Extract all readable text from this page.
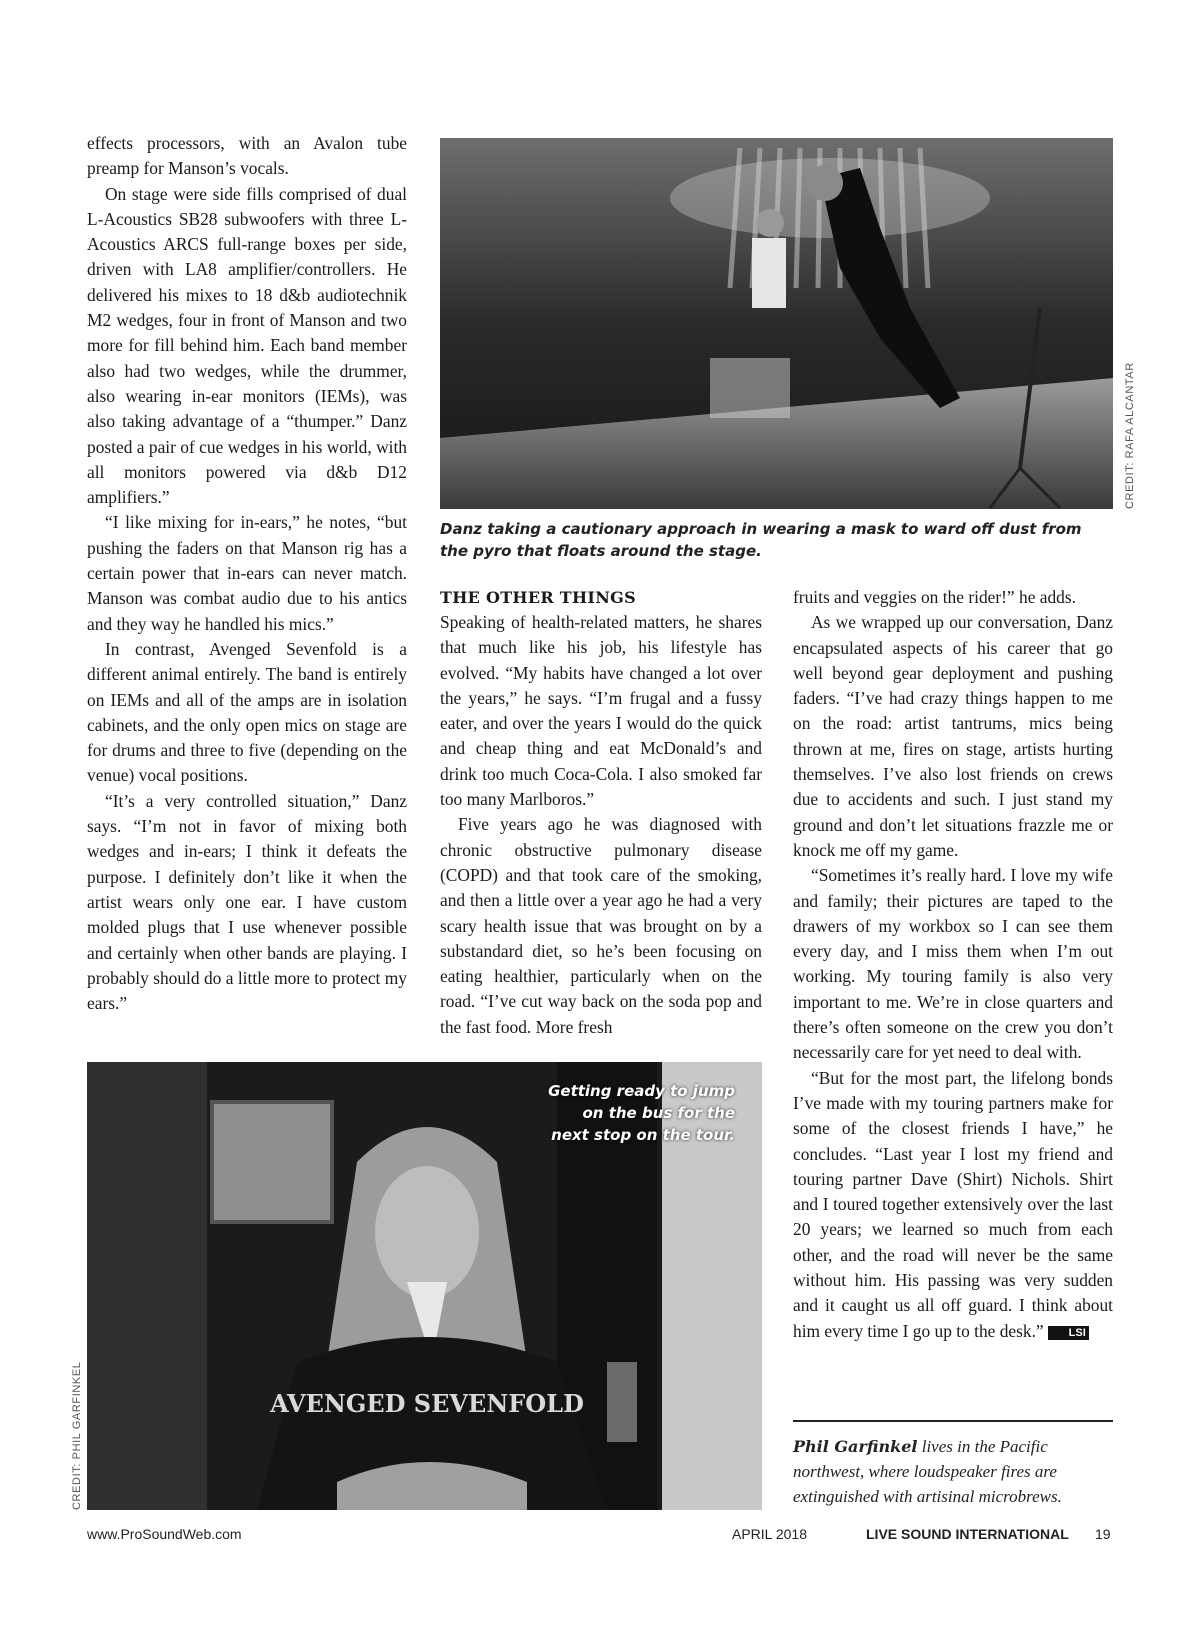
effects processors, with an Avalon tube preamp for Manson’s vocals.

On stage were side fills comprised of dual L-Acoustics SB28 subwoofers with three L-Acoustics ARCS full-range boxes per side, driven with LA8 amplifier/controllers. He delivered his mixes to 18 d&b audiotechnik M2 wedges, four in front of Manson and two more for fill behind him. Each band member also had two wedges, while the drummer, also wearing in-ear monitors (IEMs), was also taking advantage of a “thumper.” Danz posted a pair of cue wedges in his world, with all monitors powered via d&b D12 amplifiers.”

“I like mixing for in-ears,” he notes, “but pushing the faders on that Manson rig has a certain power that in-ears can never match. Manson was combat audio due to his antics and they way he handled his mics.”

In contrast, Avenged Sevenfold is a different animal entirely. The band is entirely on IEMs and all of the amps are in isolation cabinets, and the only open mics on stage are for drums and three to five (depending on the venue) vocal positions.

“It’s a very controlled situation,” Danz says. “I’m not in favor of mixing both wedges and in-ears; I think it defeats the purpose. I definitely don’t like it when the artist wears only one ear. I have custom molded plugs that I use whenever possible and certainly when other bands are playing. I probably should do a little more to protect my ears.”

CREDIT: RAFA ALCANTAR
Danz taking a cautionary approach in wearing a mask to ward off dust from the pyro that floats around the stage.
THE OTHER THINGS

Speaking of health-related matters, he shares that much like his job, his lifestyle has evolved. “My habits have changed a lot over the years,” he says. “I’m frugal and a fussy eater, and over the years I would do the quick and cheap thing and eat McDonald’s and drink too much Coca-Cola. I also smoked far too many Marlboros.”

Five years ago he was diagnosed with chronic obstructive pulmonary disease (COPD) and that took care of the smoking, and then a little over a year ago he had a very scary health issue that was brought on by a substandard diet, so he’s been focusing on eating healthier, particularly when on the road. “I’ve cut way back on the soda pop and the fast food. More fresh

fruits and veggies on the rider!” he adds.

As we wrapped up our conversation, Danz encapsulated aspects of his career that go well beyond gear deployment and pushing faders. “I’ve had crazy things happen to me on the road: artist tantrums, mics being thrown at me, fires on stage, artists hurting themselves. I’ve also lost friends on crews due to accidents and such. I just stand my ground and don’t let situations frazzle me or knock me off my game.

“Sometimes it’s really hard. I love my wife and family; their pictures are taped to the drawers of my workbox so I can see them every day, and I miss them when I’m out working. My touring family is also very important to me. We’re in close quarters and there’s often someone on the crew you don’t necessarily care for yet need to deal with.

“But for the most part, the lifelong bonds I’ve made with my touring partners make for some of the closest friends I have,” he concludes. “Last year I lost my friend and touring partner Dave (Shirt) Nichols. Shirt and I toured together extensively over the last 20 years; we learned so much from each other, and the road will never be the same without him. His passing was very sudden and it caught us all off guard. I think about him every time I go up to the desk.” LSI

AVENGED SEVENFOLD
Getting ready to jump on the bus for the next stop on the tour.
CREDIT: PHIL GARFINKEL	Phil Garfinkel lives in the Pacific northwest, where loudspeaker fires are extinguished with artisinal microbrews.
www.ProSoundWeb.com	APRIL 2018	LIVE SOUND INTERNATIONAL 19
